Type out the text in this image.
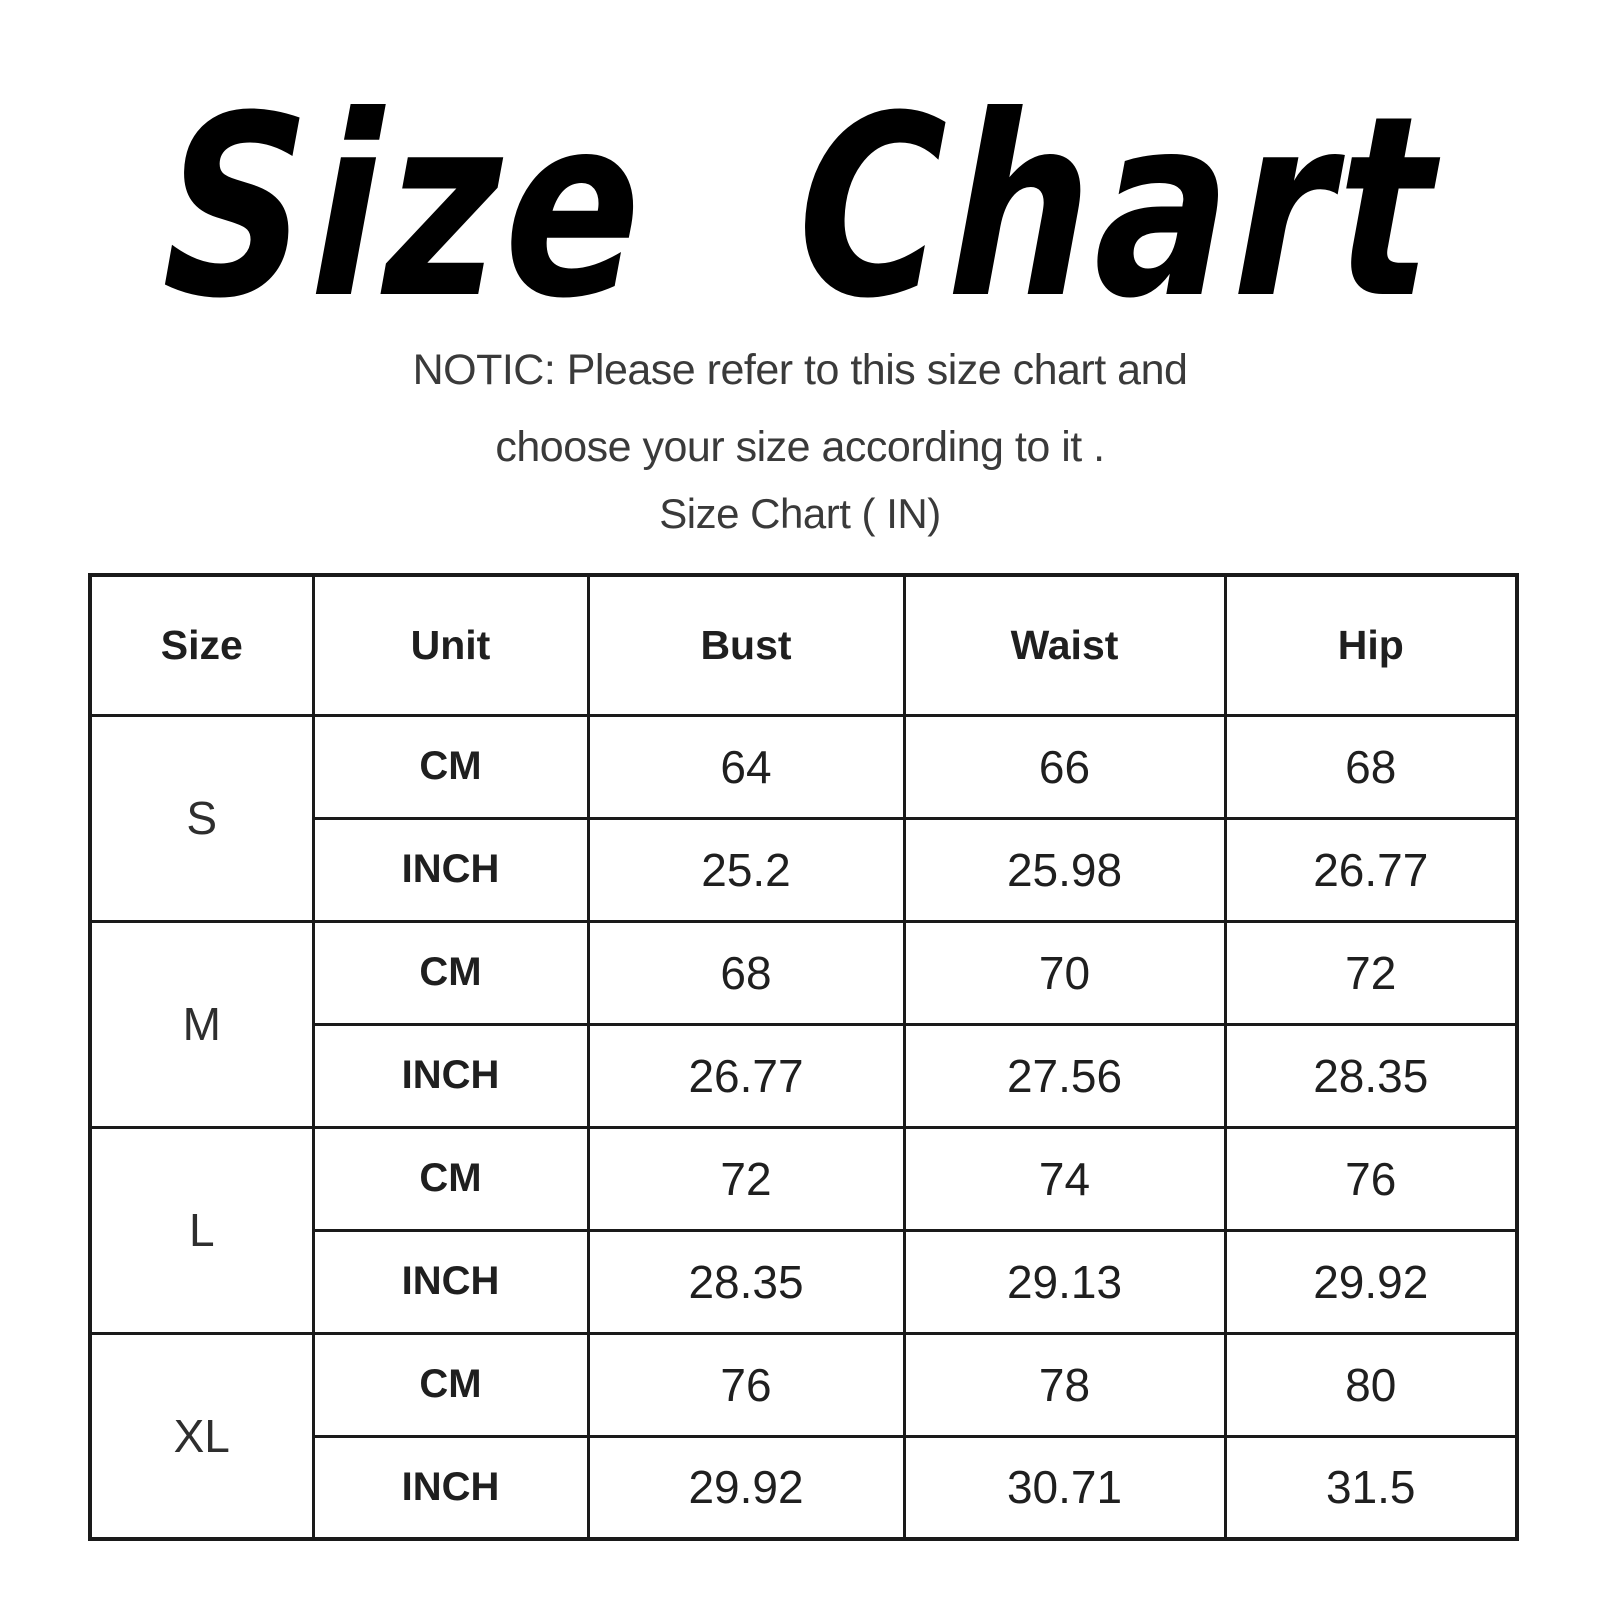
Size Chart
NOTIC: Please refer to this size chart and
choose your size according to it .
Size Chart ( IN)
Size	Unit	Bust	Waist	Hip
S	CM	64	66	68
	INCH	25.2	25.98	26.77
M	CM	68	70	72
	INCH	26.77	27.56	28.35
L	CM	72	74	76
	INCH	28.35	29.13	29.92
XL	CM	76	78	80
	INCH	29.92	30.71	31.5
